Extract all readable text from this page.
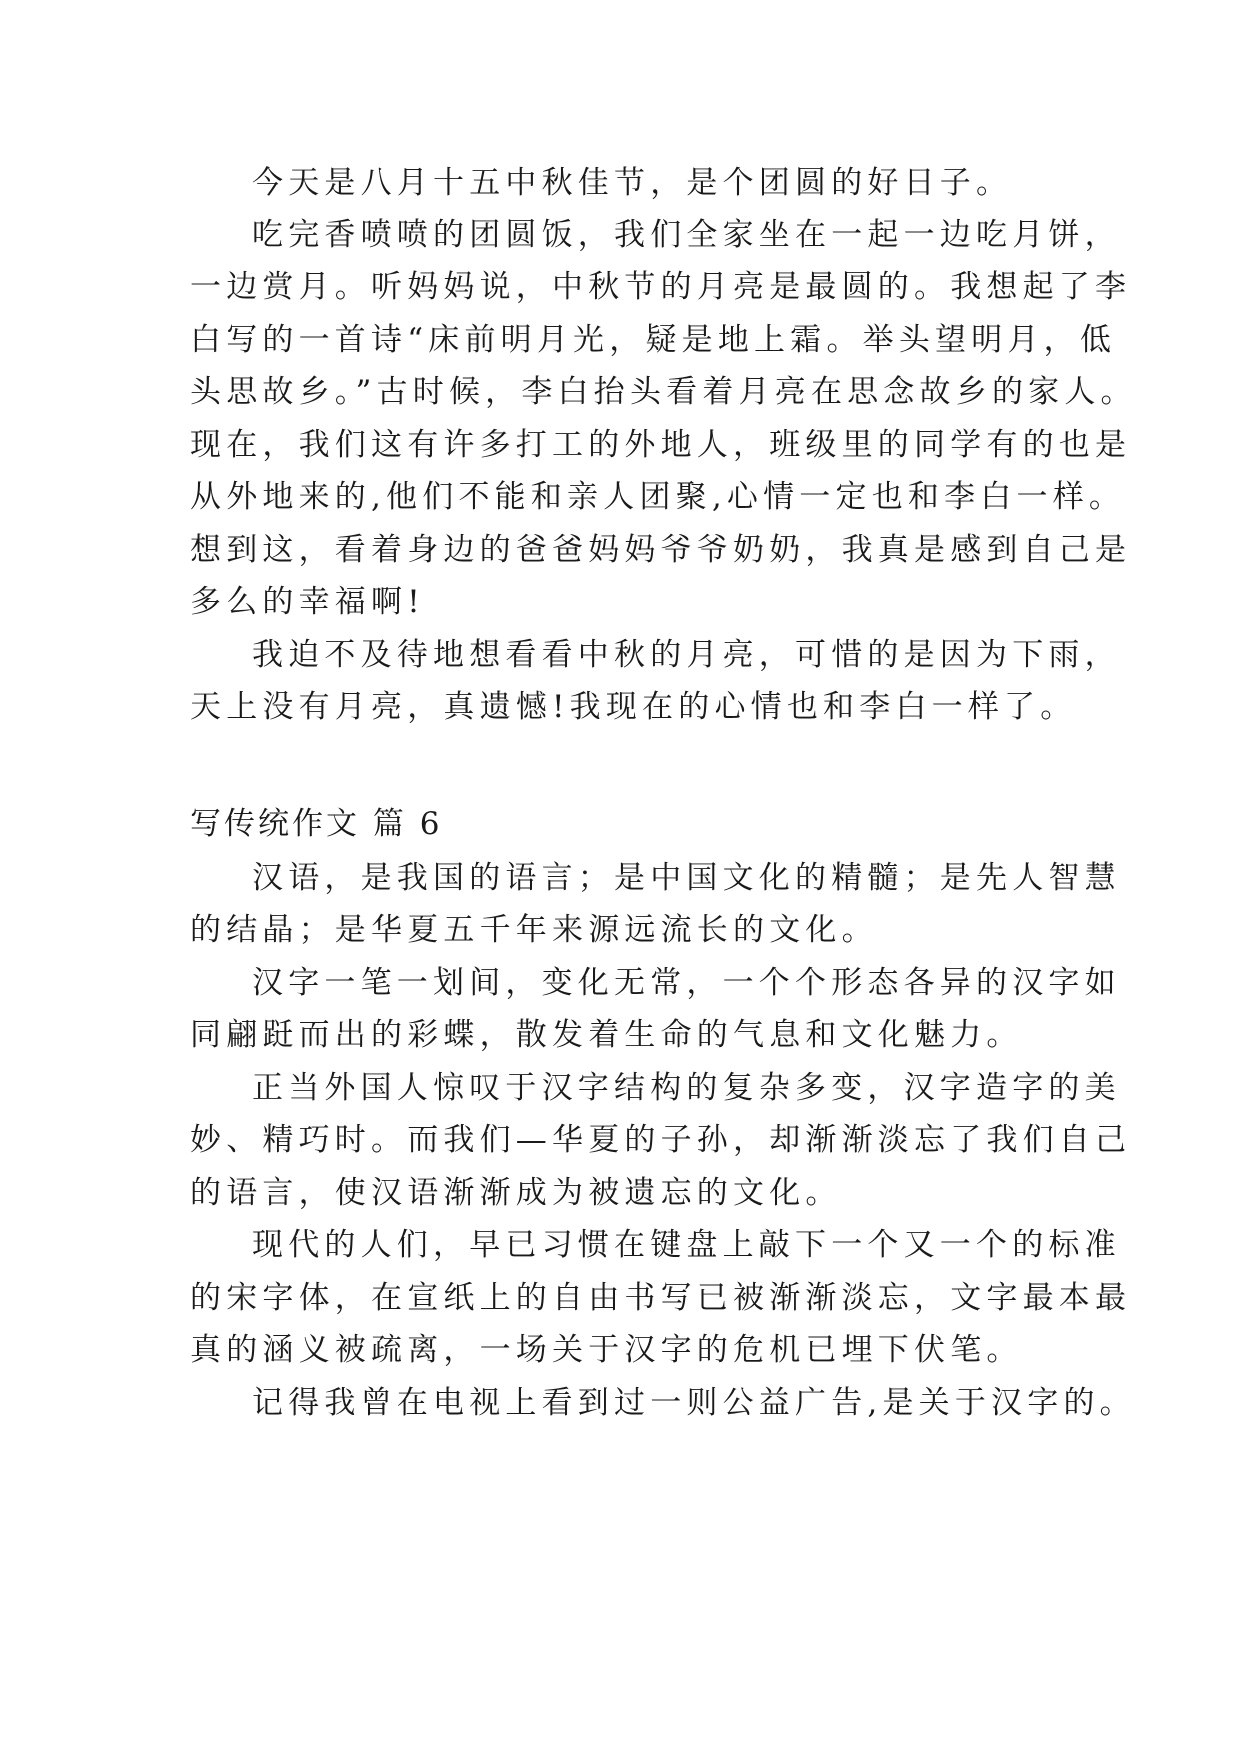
今天是八月十五中秋佳节，是个团圆的好日子。
吃完香喷喷的团圆饭，我们全家坐在一起一边吃月饼，
一边赏月。听妈妈说，中秋节的月亮是最圆的。我想起了李
白写的一首诗“床前明月光，疑是地上霜。举头望明月，低
头思故乡。”古时候，李白抬头看着月亮在思念故乡的家人。
现在，我们这有许多打工的外地人，班级里的同学有的也是
从外地来的,他们不能和亲人团聚,心情一定也和李白一样。
想到这，看着身边的爸爸妈妈爷爷奶奶，我真是感到自己是
多么的幸福啊!
我迫不及待地想看看中秋的月亮，可惜的是因为下雨，
天上没有月亮，真遗憾!我现在的心情也和李白一样了。
写传统作文 篇 6
汉语，是我国的语言；是中国文化的精髓；是先人智慧
的结晶；是华夏五千年来源远流长的文化。
汉字一笔一划间，变化无常，一个个形态各异的汉字如
同翩跹而出的彩蝶，散发着生命的气息和文化魅力。
正当外国人惊叹于汉字结构的复杂多变，汉字造字的美
妙、精巧时。而我们—华夏的子孙，却渐渐淡忘了我们自己
的语言，使汉语渐渐成为被遗忘的文化。
现代的人们，早已习惯在键盘上敲下一个又一个的标准
的宋字体，在宣纸上的自由书写已被渐渐淡忘，文字最本最
真的涵义被疏离，一场关于汉字的危机已埋下伏笔。
记得我曾在电视上看到过一则公益广告,是关于汉字的。
